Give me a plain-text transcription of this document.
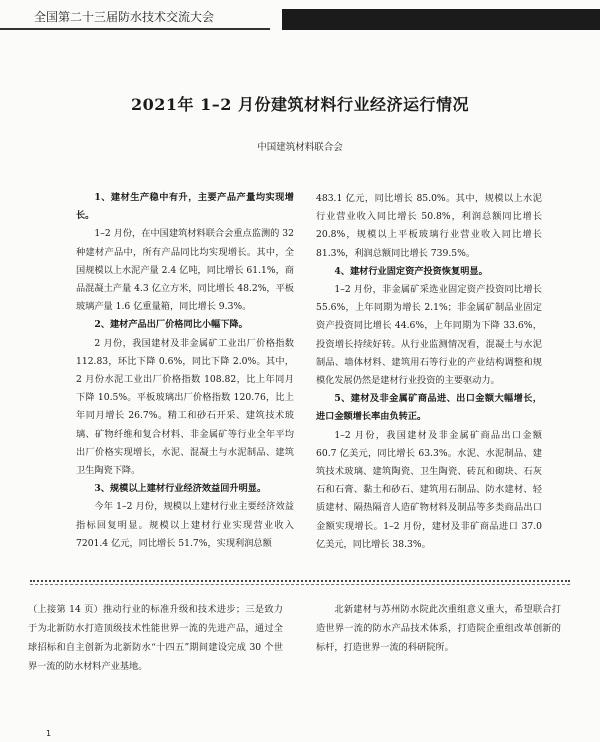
全国第二十三届防水技术交流大会
2021年 1–2 月份建筑材料行业经济运行情况
中国建筑材料联合会

1、建材生产稳中有升，主要产品产量均实现增长。

1–2 月份，在中国建筑材料联合会重点监测的 32 种建材产品中，所有产品同比均实现增长。其中，全国规模以上水泥产量 2.4 亿吨，同比增长 61.1%，商品混凝土产量 4.3 亿立方米，同比增长 48.2%，平板玻璃产量 1.6 亿重量箱，同比增长 9.3%。

2、建材产品出厂价格同比小幅下降。

2 月份，我国建材及非金属矿工业出厂价格指数 112.83，环比下降 0.6%，同比下降 2.0%。其中，2 月份水泥工业出厂价格指数 108.82，比上年同月下降 10.5%。平板玻璃出厂价格指数 120.76，比上年同月增长 26.7%。精工和砂石开采、建筑技术玻璃、矿物纤维和复合材料、非金属矿等行业全年平均出厂价格实现增长，水泥、混凝土与水泥制品、建筑卫生陶瓷下降。

3、规模以上建材行业经济效益回升明显。

今年 1–2 月份，规模以上建材行业主要经济效益指标回复明显。规模以上建材行业实现营业收入 7201.4 亿元，同比增长 51.7%，实现利润总额

483.1 亿元，同比增长 85.0%。其中，规模以上水泥行业营业收入同比增长 50.8%，利润总额同比增长 20.8%，规模以上平板玻璃行业营业收入同比增长 81.3%，利润总额同比增长 739.5%。

4、建材行业固定资产投资恢复明显。

1–2 月份，非金属矿采选业固定资产投资同比增长 55.6%，上年同期为增长 2.1%；非金属矿制品业固定资产投资同比增长 44.6%，上年同期为下降 33.6%，投资增长持续好转。从行业监测情况看，混凝土与水泥制品、墙体材料、建筑用石等行业的产业结构调整和规模化发展仍然是建材行业投资的主要驱动力。

5、建材及非金属矿商品进、出口金额大幅增长，进口金额增长率由负转正。

1–2 月份，我国建材及非金属矿商品出口金额 60.7 亿美元，同比增长 63.3%。水泥、水泥制品、建筑技术玻璃、建筑陶瓷、卫生陶瓷、砖瓦和砌块、石灰石和石膏、黏土和砂石、建筑用石制品、防水建材、轻质建材、隔热隔音人造矿物材料及制品等多类商品出口金额实现增长。1–2 月份，建材及非矿商品进口 37.0 亿美元，同比增长 38.3%。

（上接第 14 页）推动行业的标准升级和技术进步；三是致力于为北新防水打造顶级技术性能世界一流的先进产品，通过全球招标和自主创新为北新防水“十四五”期间建设完成 30 个世界一流的防水材料产业基地。

北新建材与苏州防水院此次重组意义重大，希望联合打造世界一流的防水产品技术体系，打造院企重组改革创新的标杆，打造世界一流的科研院所。

1
